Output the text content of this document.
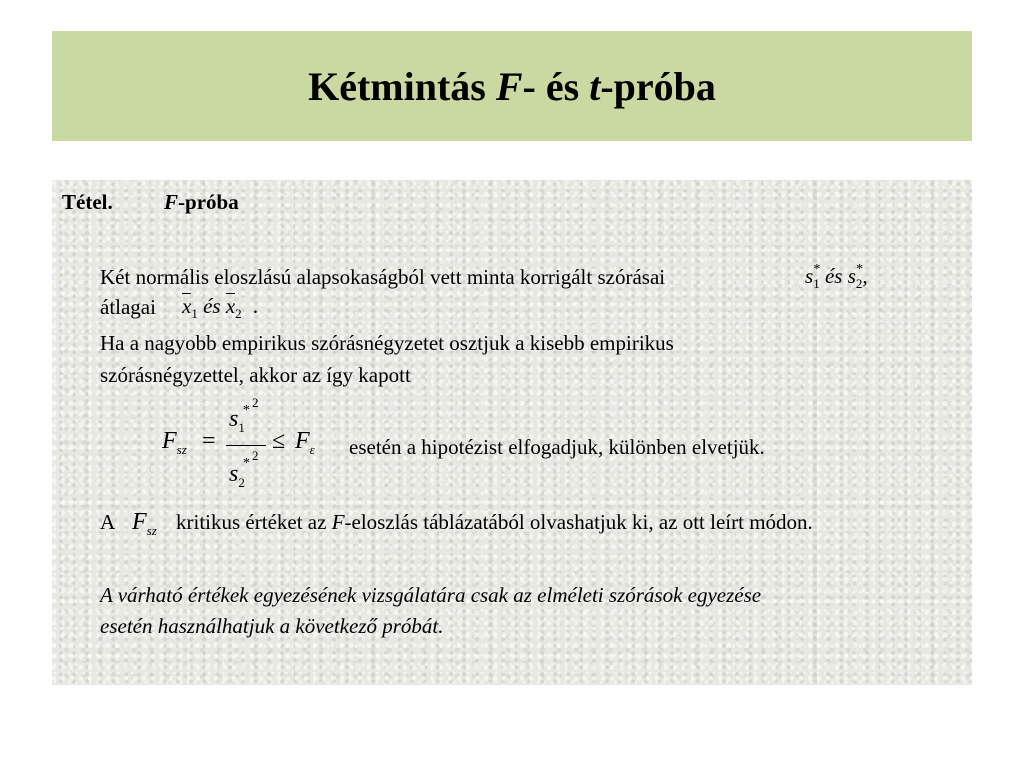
Kétmintás F- és t-próba
Tétel. F-próba
Két normális eloszlású alapsokaságból vett minta korrigált szórásai	$s_1^*$ és $s_2^*$,
átlagai $x_1$ és $x_2$ .
Ha a nagyobb empirikus szórásnégyzetet osztjuk a kisebb empirikus
szórásnégyzettel, akkor az így kapott
$F_{sz}$ =
$s_1$
*
2
$s_2$
*
2
≤ $F_\varepsilon$ esetén a hipotézist elfogadjuk, különben elvetjük.
A $F_{sz}$ kritikus értéket az F-eloszlás táblázatából olvashatjuk ki, az ott leírt módon.
A várható értékek egyezésének vizsgálatára csak az elméleti szórások egyezése
esetén használhatjuk a következő próbát.
